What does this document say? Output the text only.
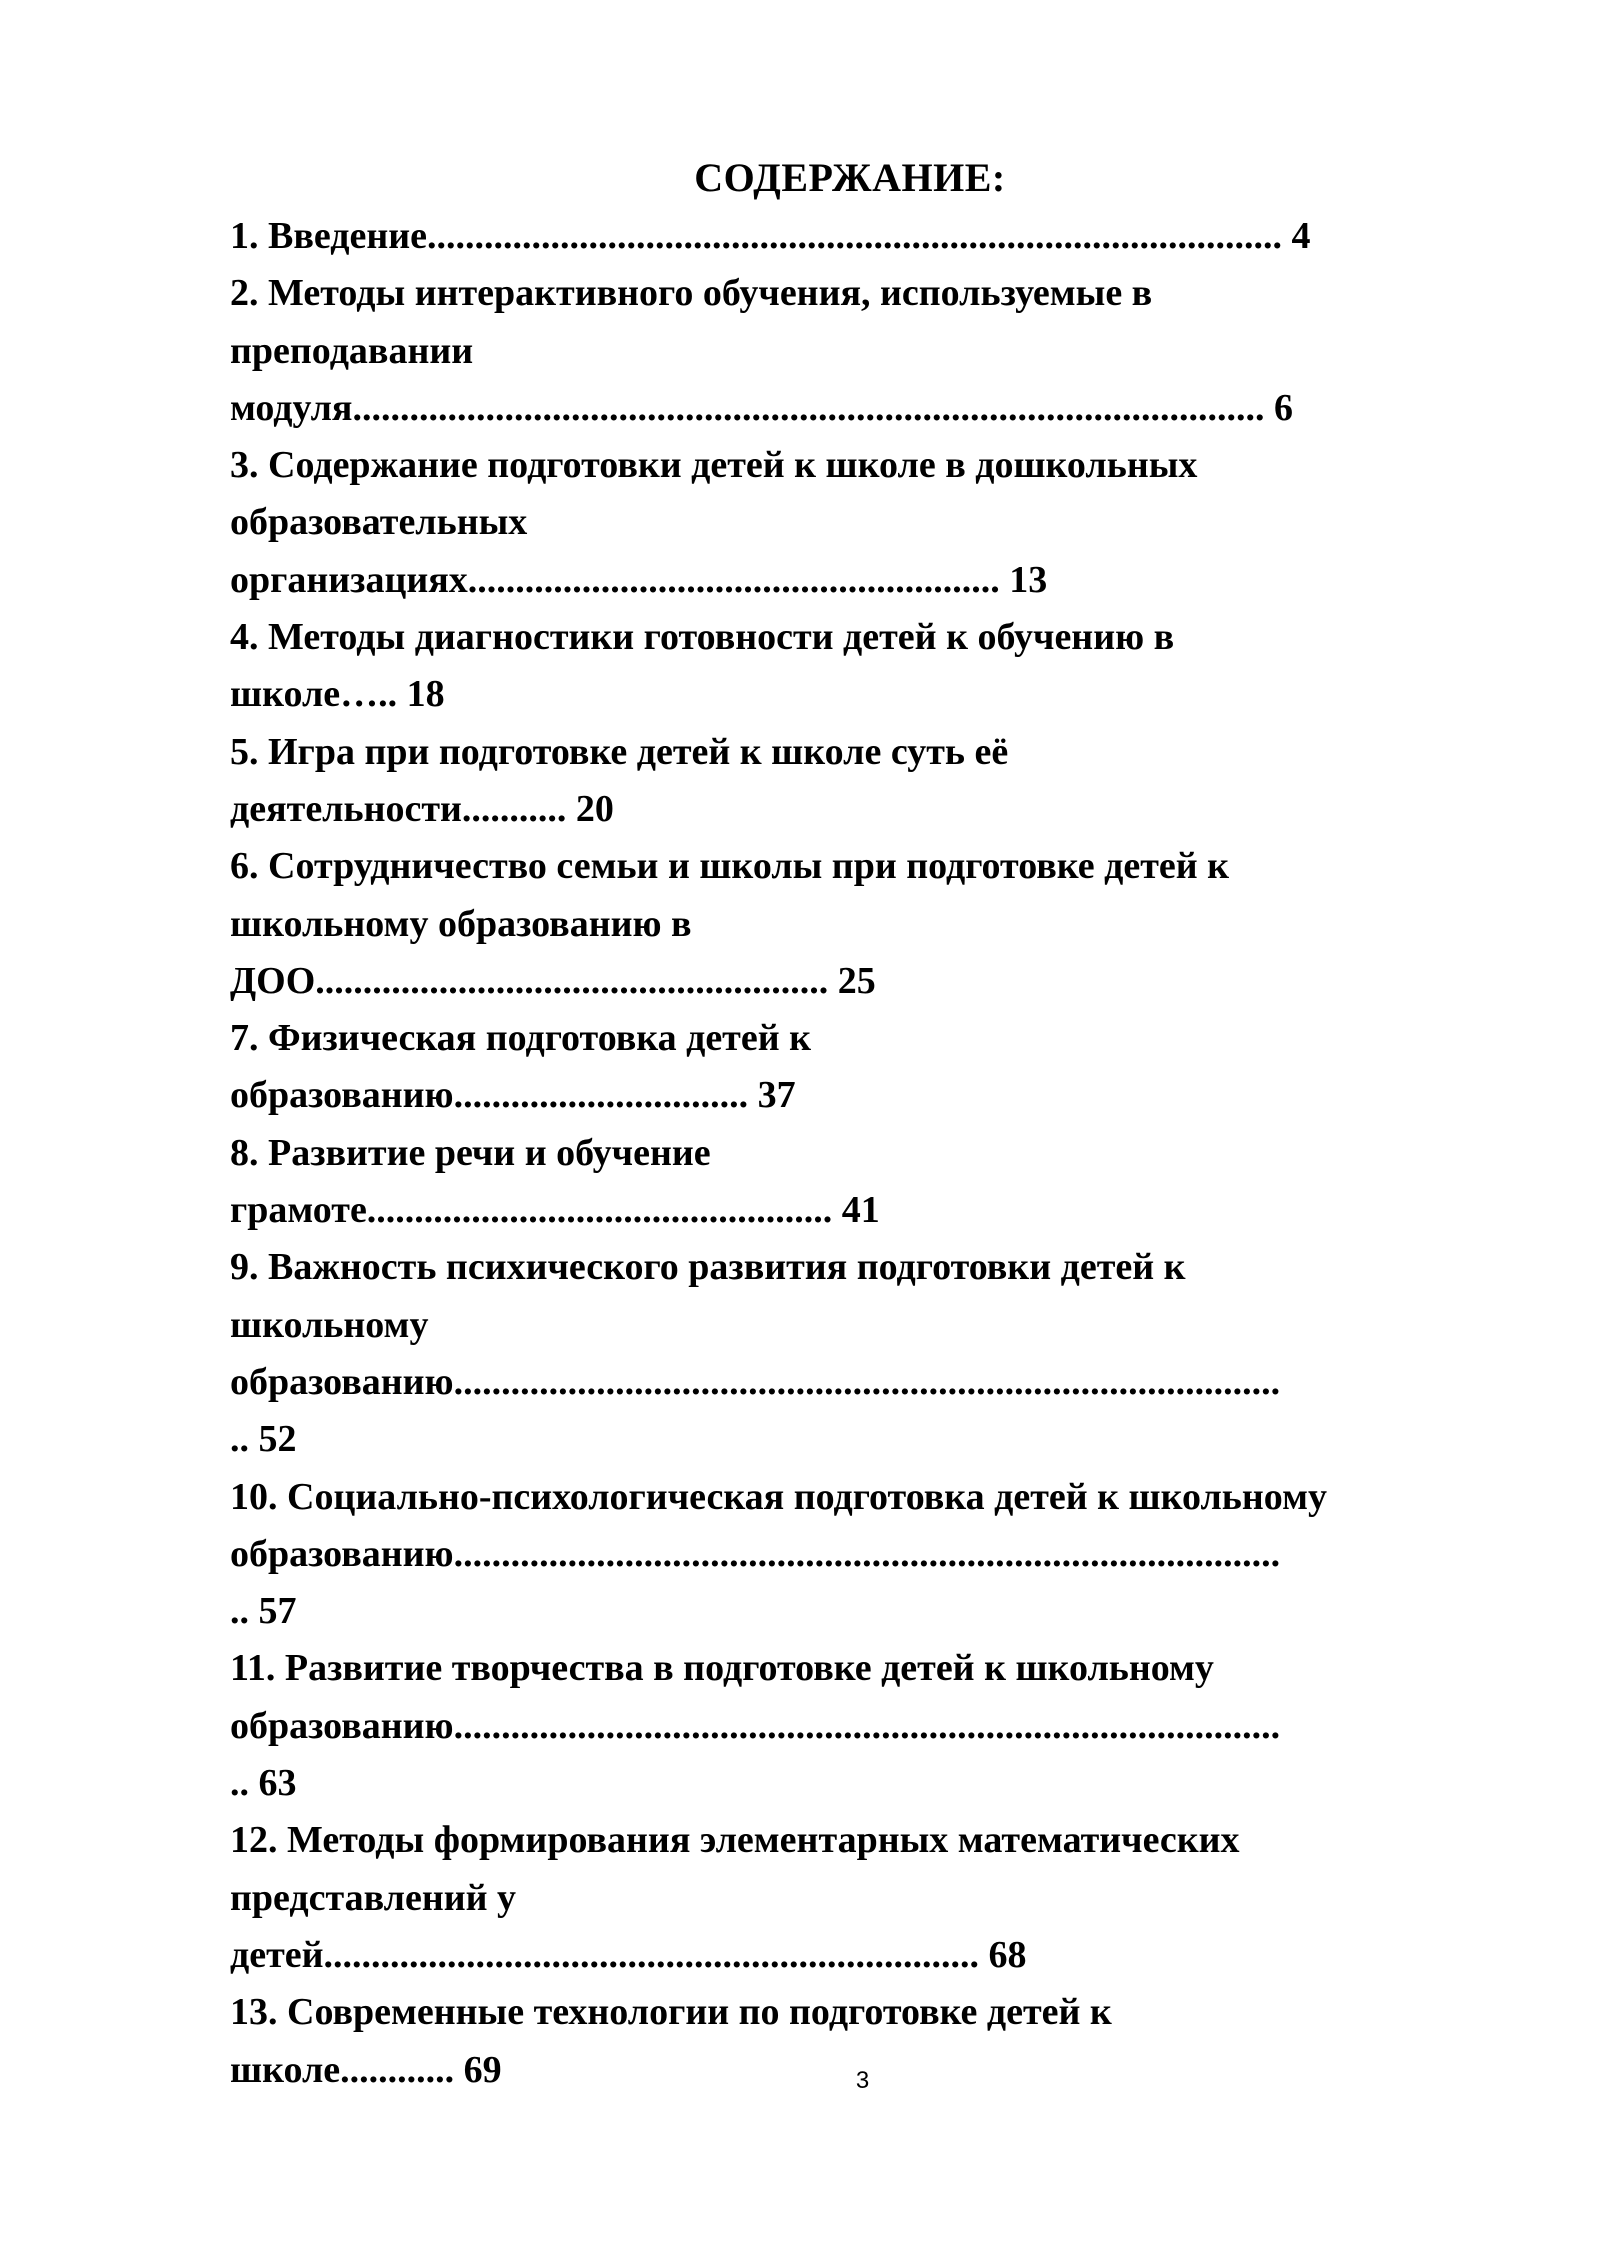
СОДЕРЖАНИЕ:
1. Введение.......................................................................................... 4
2. Методы интерактивного обучения, используемые в
преподавании
модуля................................................................................................ 6
3. Содержание подготовки детей к школе в дошкольных
образовательных
организациях........................................................ 13
4. Методы диагностики готовности детей к обучению в
школе….. 18
5. Игра при подготовке детей к школе суть её
деятельности........... 20
6. Сотрудничество семьи и школы при подготовке детей к
школьному образованию в
ДОО...................................................... 25
7. Физическая подготовка детей к
образованию............................... 37
8. Развитие речи и обучение
грамоте................................................. 41
9. Важность психического развития подготовки детей к
школьному
образованию.......................................................................................
.. 52
10. Социально-психологическая подготовка детей к школьному
образованию.......................................................................................
.. 57
11. Развитие творчества в подготовке детей к школьному
образованию.......................................................................................
.. 63
12. Методы формирования элементарных математических
представлений у
детей..................................................................... 68
13. Современные технологии по подготовке детей к
школе............ 69	3
